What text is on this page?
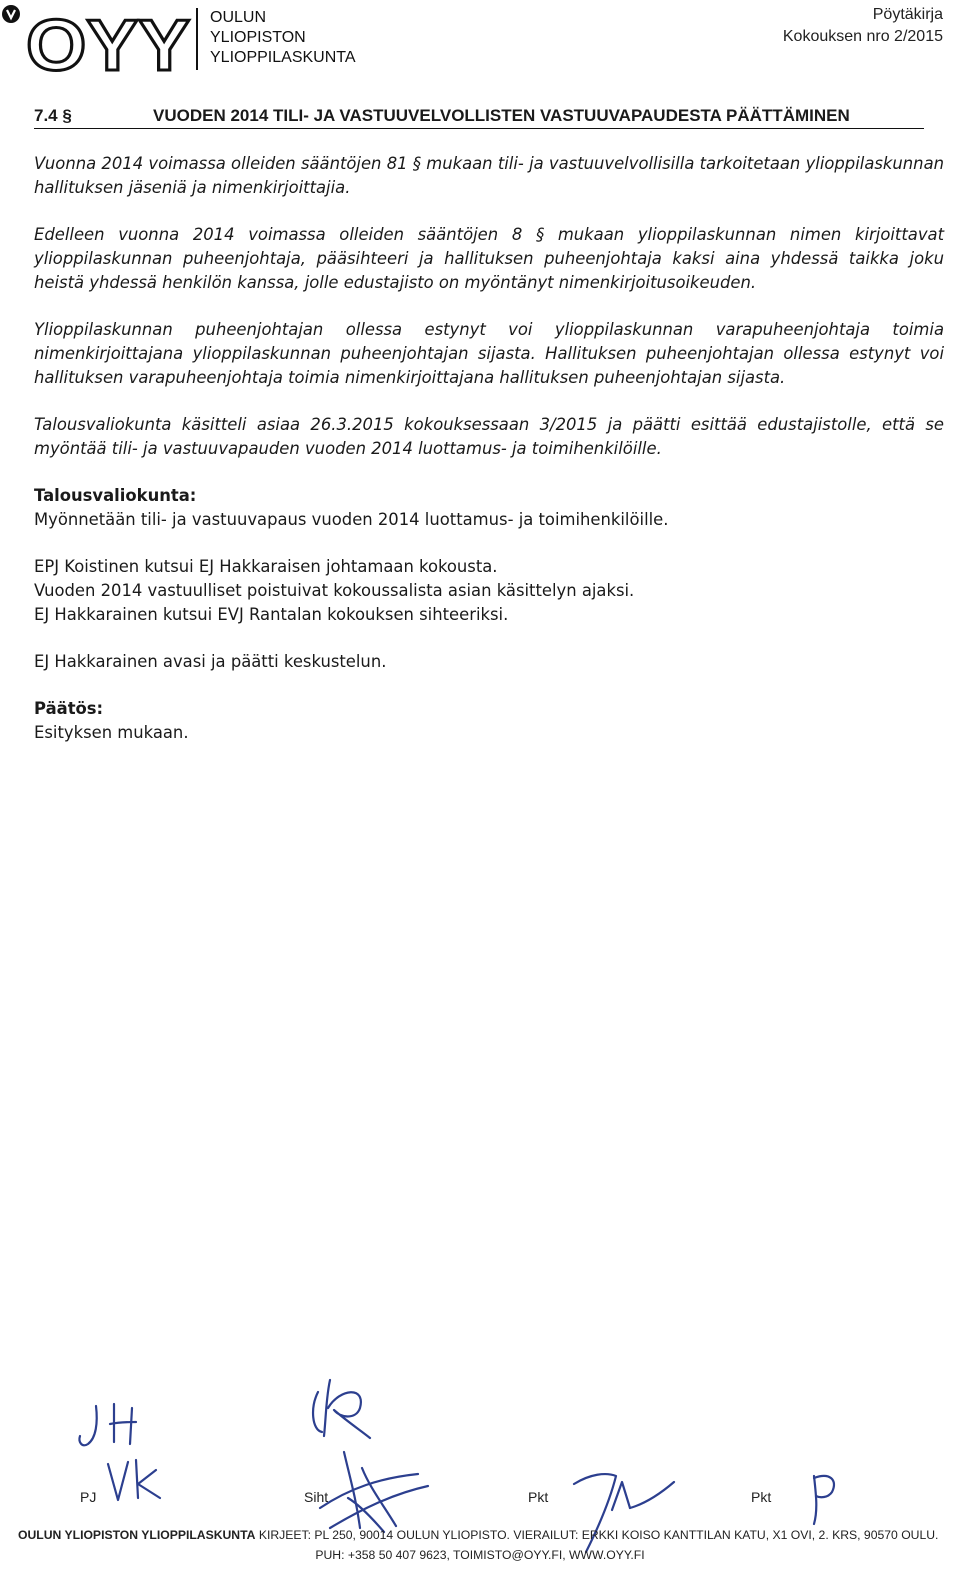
OYY OULUN
YLIOPISTON
YLIOPPILASKUNTA
Pöytäkirja
Kokouksen nro 2/2015
7.4 §	VUODEN 2014 TILI- JA VASTUUVELVOLLISTEN VASTUUVAPAUDESTA PÄÄTTÄMINEN

Vuonna 2014 voimassa olleiden sääntöjen 81 § mukaan tili- ja vastuuvelvollisilla tarkoitetaan ylioppilaskunnan hallituksen jäseniä ja nimenkirjoittajia.

Edelleen vuonna 2014 voimassa olleiden sääntöjen 8 § mukaan ylioppilaskunnan nimen kirjoittavat ylioppilaskunnan puheenjohtaja, pääsihteeri ja hallituksen puheenjohtaja kaksi aina yhdessä taikka joku heistä yhdessä henkilön kanssa, jolle edustajisto on myöntänyt nimenkirjoitusoikeuden.

Ylioppilaskunnan puheenjohtajan ollessa estynyt voi ylioppilaskunnan varapuheenjohtaja toimia nimenkirjoittajana ylioppilaskunnan puheenjohtajan sijasta. Hallituksen puheenjohtajan ollessa estynyt voi hallituksen varapuheenjohtaja toimia nimenkirjoittajana hallituksen puheenjohtajan sijasta.

Talousvaliokunta käsitteli asiaa 26.3.2015 kokouksessaan 3/2015 ja päätti esittää edustajistolle, että se myöntää tili- ja vastuuvapauden vuoden 2014 luottamus- ja toimihenkilöille.

Talousvaliokunta:

Myönnetään tili- ja vastuuvapaus vuoden 2014 luottamus- ja toimihenkilöille.

EPJ Koistinen kutsui EJ Hakkaraisen johtamaan kokousta.

Vuoden 2014 vastuulliset poistuivat kokoussalista asian käsittelyn ajaksi.

EJ Hakkarainen kutsui EVJ Rantalan kokouksen sihteeriksi.

EJ Hakkarainen avasi ja päätti keskustelun.

Päätös:

Esityksen mukaan.

PJ	Siht	Pkt	Pkt
OULUN YLIOPISTON YLIOPPILASKUNTA KIRJEET: PL 250, 90014 OULUN YLIOPISTO. VIERAILUT: ERKKI KOISO KANTTILAN KATU, X1 OVI, 2. KRS, 90570 OULU.
PUH: +358 50 407 9623, TOIMISTO@OYY.FI, WWW.OYY.FI
